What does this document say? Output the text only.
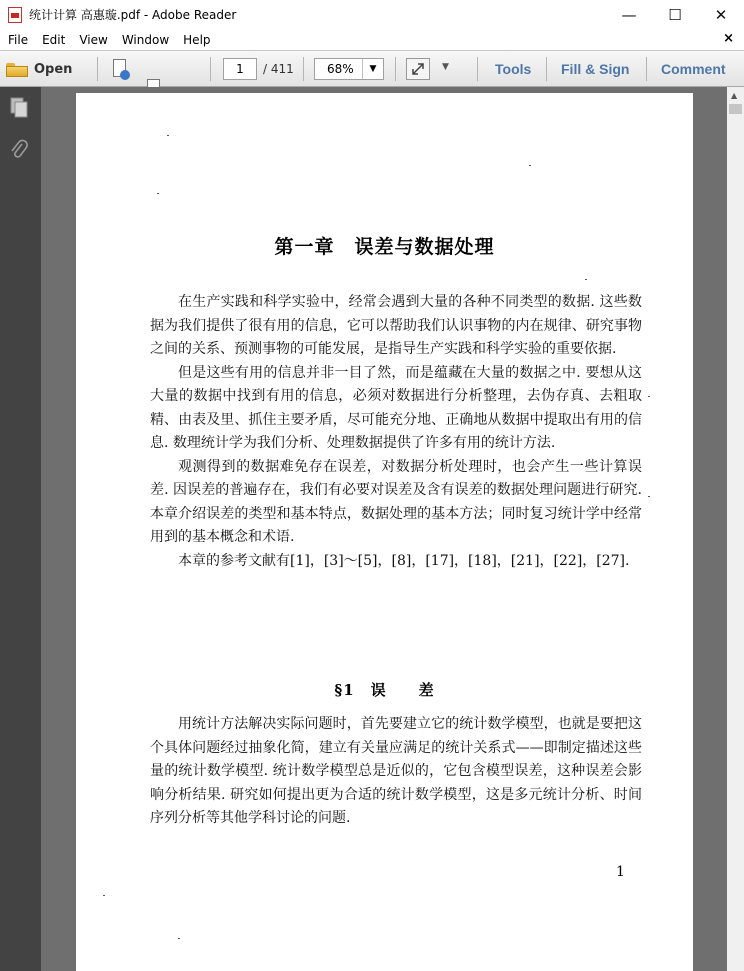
统计计算 高惠璇.pdf - Adobe Reader	—	☐	✕
File	Edit	View	Window	Help	×
Open	1	/ 411	68%	▼	▼	Tools Fill & Sign Comment
第一章　误差与数据处理

在生产实践和科学实验中，经常会遇到大量的各种不同类型的数据. 这些数据为我们提供了很有用的信息，它可以帮助我们认识事物的内在规律、研究事物之间的关系、预测事物的可能发展，是指导生产实践和科学实验的重要依据.

但是这些有用的信息并非一目了然，而是蕴藏在大量的数据之中. 要想从这大量的数据中找到有用的信息，必须对数据进行分析整理，去伪存真、去粗取精、由表及里、抓住主要矛盾，尽可能充分地、正确地从数据中提取出有用的信息. 数理统计学为我们分析、处理数据提供了许多有用的统计方法.

观测得到的数据难免存在误差，对数据分析处理时，也会产生一些计算误差. 因误差的普遍存在，我们有必要对误差及含有误差的数据处理问题进行研究. 本章介绍误差的类型和基本特点，数据处理的基本方法；同时复习统计学中经常用到的基本概念和术语.

本章的参考文献有[1]，[3]～[5]，[8]，[17]，[18]，[21]，[22]，[27].

§1　误　　差

用统计方法解决实际问题时，首先要建立它的统计数学模型，也就是要把这个具体问题经过抽象化简，建立有关量应满足的统计关系式——即制定描述这些量的统计数学模型. 统计数学模型总是近似的，它包含模型误差，这种误差会影响分析结果. 研究如何提出更为合适的统计数学模型，这是多元统计分析、时间序列分析等其他学科讨论的问题.

1
▲
